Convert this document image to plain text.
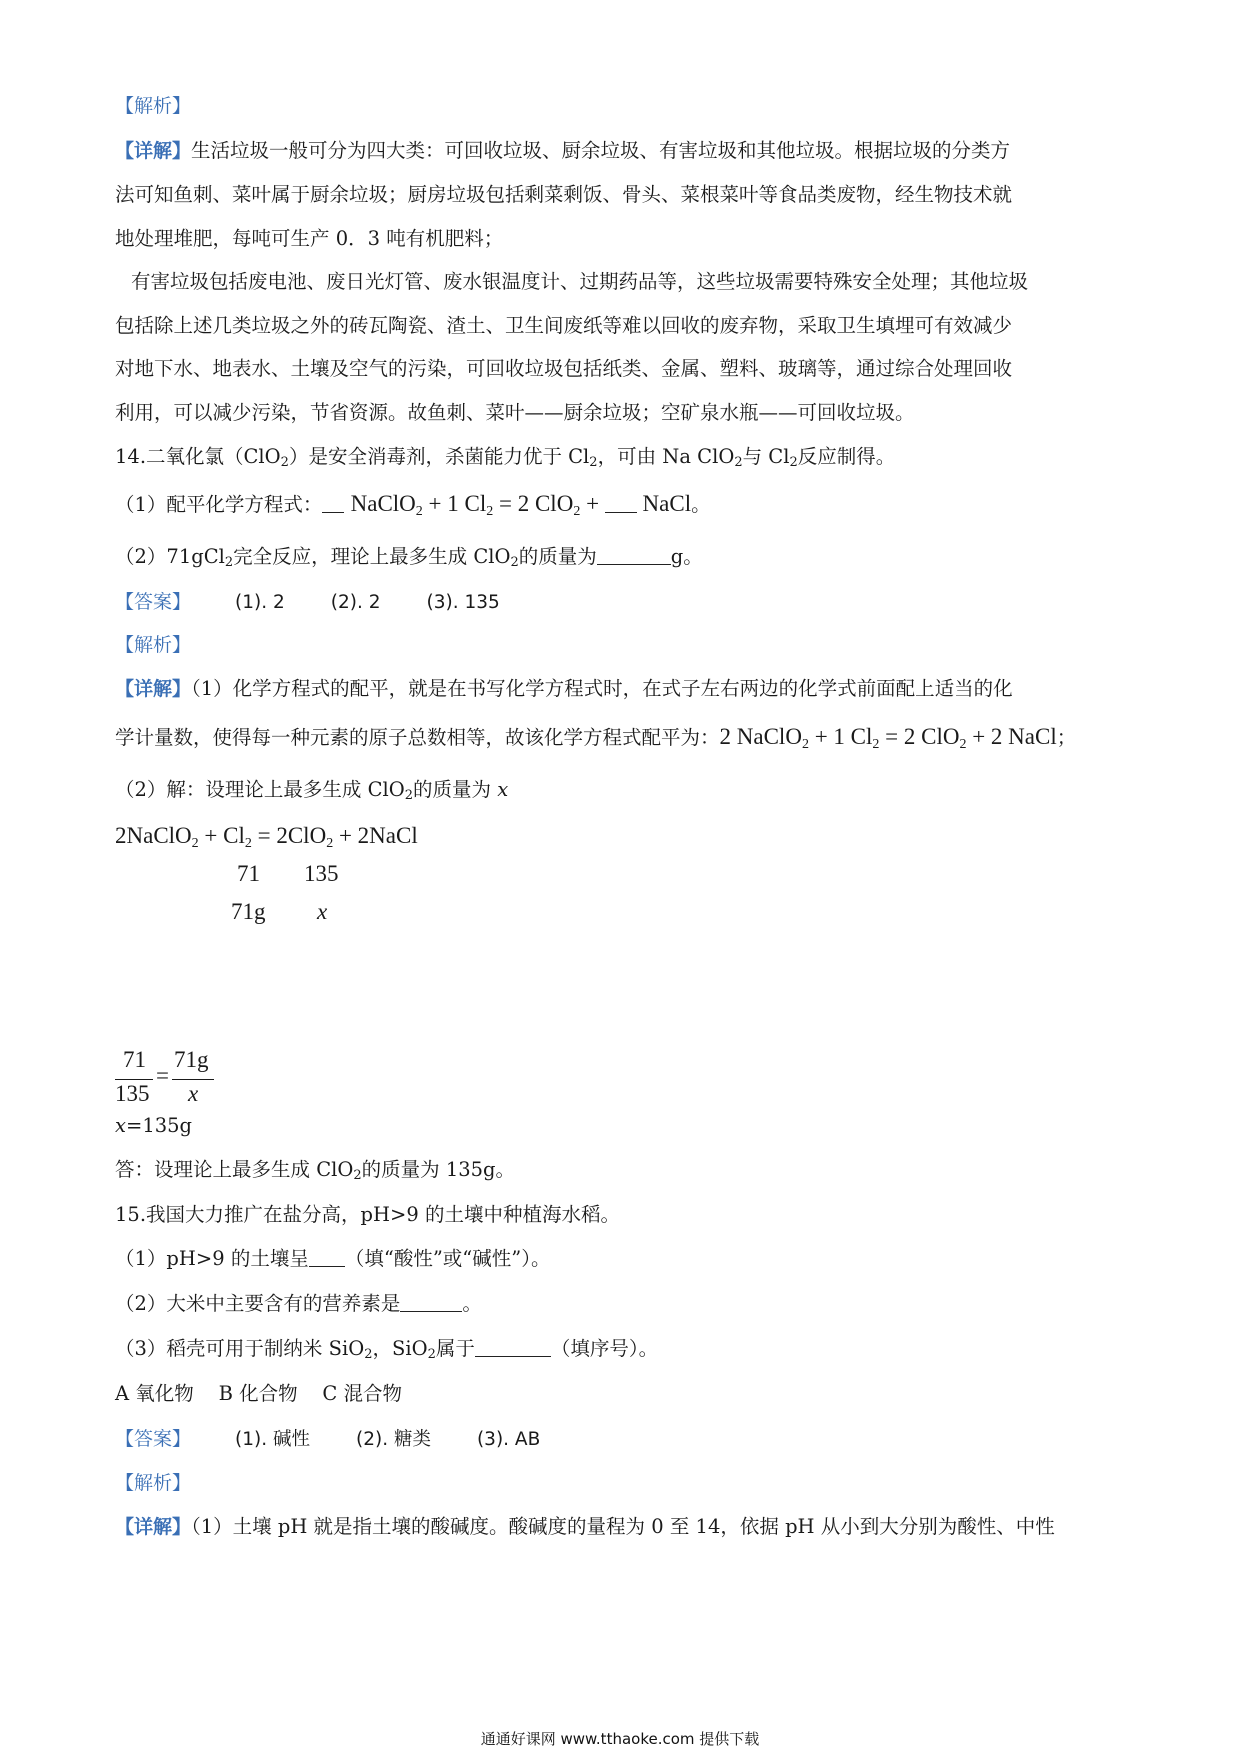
【解析】
【详解】生活垃圾一般可分为四大类：可回收垃圾、厨余垃圾、有害垃圾和其他垃圾。根据垃圾的分类方
法可知鱼刺、菜叶属于厨余垃圾；厨房垃圾包括剩菜剩饭、骨头、菜根菜叶等食品类废物，经生物技术就
地处理堆肥，每吨可生产 0．3 吨有机肥料；
有害垃圾包括废电池、废日光灯管、废水银温度计、过期药品等，这些垃圾需要特殊安全处理；其他垃圾
包括除上述几类垃圾之外的砖瓦陶瓷、渣土、卫生间废纸等难以回收的废弃物，采取卫生填埋可有效减少
对地下水、地表水、土壤及空气的污染，可回收垃圾包括纸类、金属、塑料、玻璃等，通过综合处理回收
利用，可以减少污染，节省资源。故鱼刺、菜叶——厨余垃圾；空矿泉水瓶——可回收垃圾。
14.二氧化氯（ClO$_2$）是安全消毒剂，杀菌能力优于 $Cl_2$，可由 Na ClO$_2$与 $Cl_2$反应制得。
（1）配平化学方程式： NaClO2 + 1 Cl2 = 2 ClO2 +  NaCl。
（2）71gCl$_2$完全反应，理论上最多生成 ClO$_2$的质量为	g。
【答案】 (1). 2 (2). 2 (3). 135
【解析】
【详解】（1）化学方程式的配平，就是在书写化学方程式时，在式子左右两边的化学式前面配上适当的化
学计量数，使得每一种元素的原子总数相等，故该化学方程式配平为：2 NaClO2 + 1 Cl2 = 2 ClO2 + 2 NaCl；
（2）解：设理论上最多生成 ClO$_2$的质量为 x
2NaClO2 + Cl2 = 2ClO2 + 2NaCl
71 135
71g x
71
135
=
71g
x
x=135g
答：设理论上最多生成 ClO$_2$的质量为 135g。
15.我国大力推广在盐分高，pH>9 的土壤中种植海水稻。
（1）pH>9 的土壤呈 （填“酸性”或“碱性”）。
（2）大米中主要含有的营养素是	。
（3）稻壳可用于制纳米 SiO$_2$，SiO$_2$属于	（填序号）。
A 氧化物    B 化合物    C 混合物
【答案】 (1). 碱性 (2). 糖类 (3). AB
【解析】
【详解】（1）土壤 pH 就是指土壤的酸碱度。酸碱度的量程为 0 至 14，依据 pH 从小到大分别为酸性、中性
通通好课网 www.tthaoke.com 提供下载
